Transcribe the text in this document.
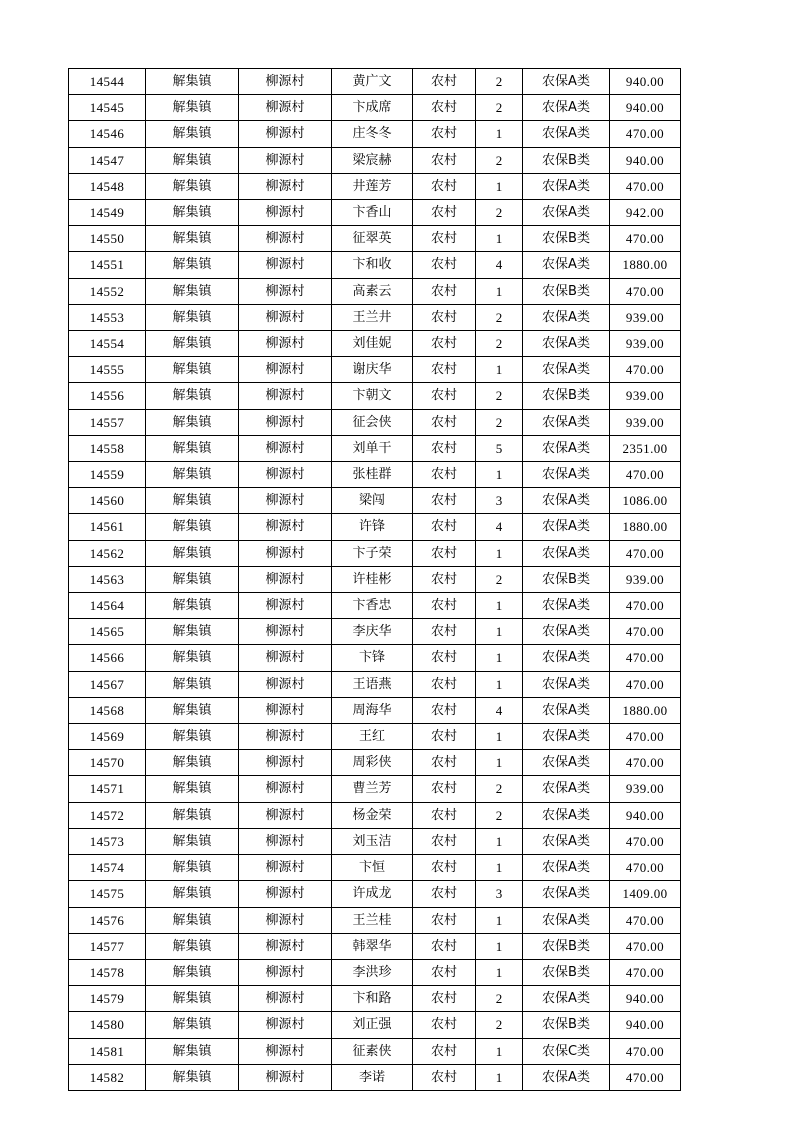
14544	解集镇	柳源村	黄广文	农村	2	农保A类	940.00
14545	解集镇	柳源村	卞成席	农村	2	农保A类	940.00
14546	解集镇	柳源村	庄冬冬	农村	1	农保A类	470.00
14547	解集镇	柳源村	梁宸赫	农村	2	农保B类	940.00
14548	解集镇	柳源村	井莲芳	农村	1	农保A类	470.00
14549	解集镇	柳源村	卞香山	农村	2	农保A类	942.00
14550	解集镇	柳源村	征翠英	农村	1	农保B类	470.00
14551	解集镇	柳源村	卞和收	农村	4	农保A类	1880.00
14552	解集镇	柳源村	高素云	农村	1	农保B类	470.00
14553	解集镇	柳源村	王兰井	农村	2	农保A类	939.00
14554	解集镇	柳源村	刘佳妮	农村	2	农保A类	939.00
14555	解集镇	柳源村	谢庆华	农村	1	农保A类	470.00
14556	解集镇	柳源村	卞朝文	农村	2	农保B类	939.00
14557	解集镇	柳源村	征会侠	农村	2	农保A类	939.00
14558	解集镇	柳源村	刘单干	农村	5	农保A类	2351.00
14559	解集镇	柳源村	张桂群	农村	1	农保A类	470.00
14560	解集镇	柳源村	梁闯	农村	3	农保A类	1086.00
14561	解集镇	柳源村	许锋	农村	4	农保A类	1880.00
14562	解集镇	柳源村	卞子荣	农村	1	农保A类	470.00
14563	解集镇	柳源村	许桂彬	农村	2	农保B类	939.00
14564	解集镇	柳源村	卞香忠	农村	1	农保A类	470.00
14565	解集镇	柳源村	李庆华	农村	1	农保A类	470.00
14566	解集镇	柳源村	卞锋	农村	1	农保A类	470.00
14567	解集镇	柳源村	王语燕	农村	1	农保A类	470.00
14568	解集镇	柳源村	周海华	农村	4	农保A类	1880.00
14569	解集镇	柳源村	王红	农村	1	农保A类	470.00
14570	解集镇	柳源村	周彩侠	农村	1	农保A类	470.00
14571	解集镇	柳源村	曹兰芳	农村	2	农保A类	939.00
14572	解集镇	柳源村	杨金荣	农村	2	农保A类	940.00
14573	解集镇	柳源村	刘玉洁	农村	1	农保A类	470.00
14574	解集镇	柳源村	卞恒	农村	1	农保A类	470.00
14575	解集镇	柳源村	许成龙	农村	3	农保A类	1409.00
14576	解集镇	柳源村	王兰桂	农村	1	农保A类	470.00
14577	解集镇	柳源村	韩翠华	农村	1	农保B类	470.00
14578	解集镇	柳源村	李洪珍	农村	1	农保B类	470.00
14579	解集镇	柳源村	卞和路	农村	2	农保A类	940.00
14580	解集镇	柳源村	刘正强	农村	2	农保B类	940.00
14581	解集镇	柳源村	征素侠	农村	1	农保C类	470.00
14582	解集镇	柳源村	李诺	农村	1	农保A类	470.00
